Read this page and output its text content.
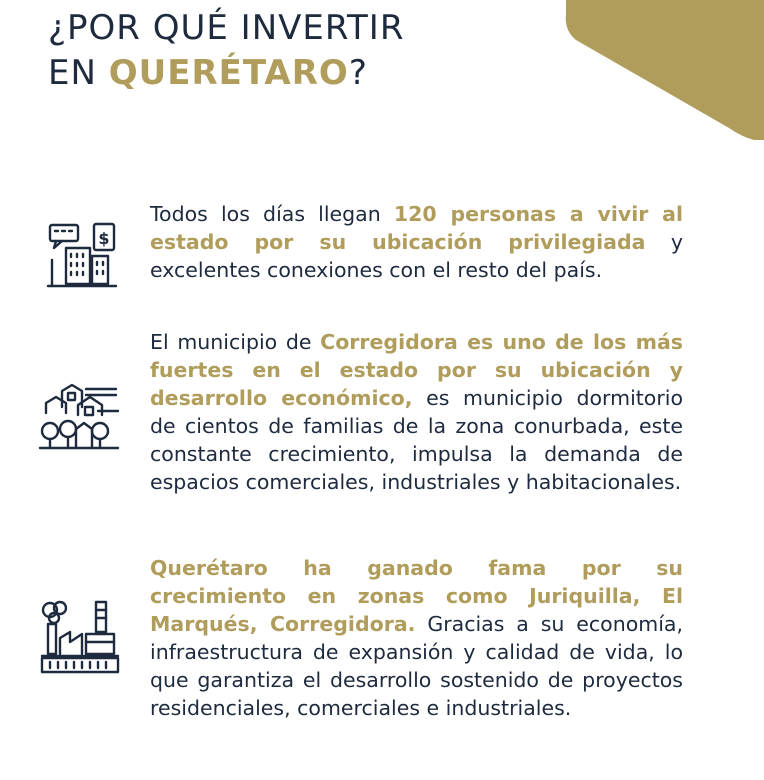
¿POR QUÉ INVERTIR
EN QUERÉTARO?
$

Todos los días llegan 120 personas a vivir al estado por su ubicación privilegiada y excelentes conexiones con el resto del país.

El municipio de Corregidora es uno de los más fuertes en el estado por su ubicación y desarrollo económico, es municipio dormitorio de cientos de familias de la zona conurbada, este constante crecimiento, impulsa la demanda de espacios comerciales, industriales y habitacionales.

Querétaro ha ganado fama por su crecimiento en zonas como Juriquilla, El Marqués, Corregidora. Gracias a su economía, infraestructura de expansión y calidad de vida, lo que garantiza el desarrollo sostenido de proyectos residenciales, comerciales e industriales.
